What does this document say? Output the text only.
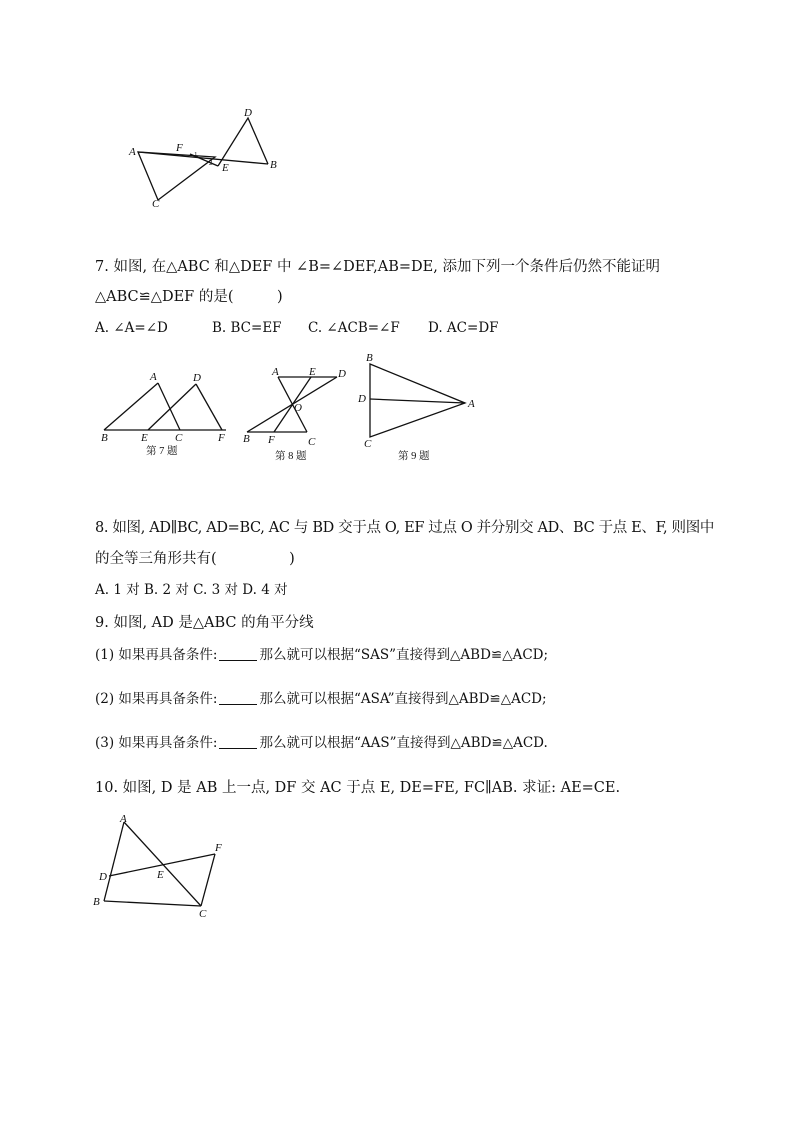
A
B
C
D
E
F
1
2
7. 如图, 在△ABC 和△DEF 中 ∠B=∠DEF,AB=DE, 添加下列一个条件后仍然不能证明
△ABC≌△DEF 的是(　　　)
A. ∠A=∠D	B. BC=EF C. ∠ACB=∠F D. AC=DF
A
B	C
D
E	F
第 7 题
A
B	C
D
E
F
O
第 8 题
A
B
C
D
第 9 题
8. 如图, AD∥BC, AD=BC, AC 与 BD 交于点 O, EF 过点 O 并分别交 AD、BC 于点 E、F, 则图中
的全等三角形共有(　　　　　)
A. 1 对 B. 2 对 C. 3 对 D. 4 对
9. 如图, AD 是△ABC 的角平分线
(1) 如果再具备条件:	那么就可以根据“SAS”直接得到△ABD≌△ACD;
(2) 如果再具备条件:	那么就可以根据“ASA”直接得到△ABD≌△ACD;
(3) 如果再具备条件:	那么就可以根据“AAS”直接得到△ABD≌△ACD.
10. 如图, D 是 AB 上一点, DF 交 AC 于点 E, DE=FE, FC∥AB. 求证: AE=CE.
A
B
C
D	E
F
